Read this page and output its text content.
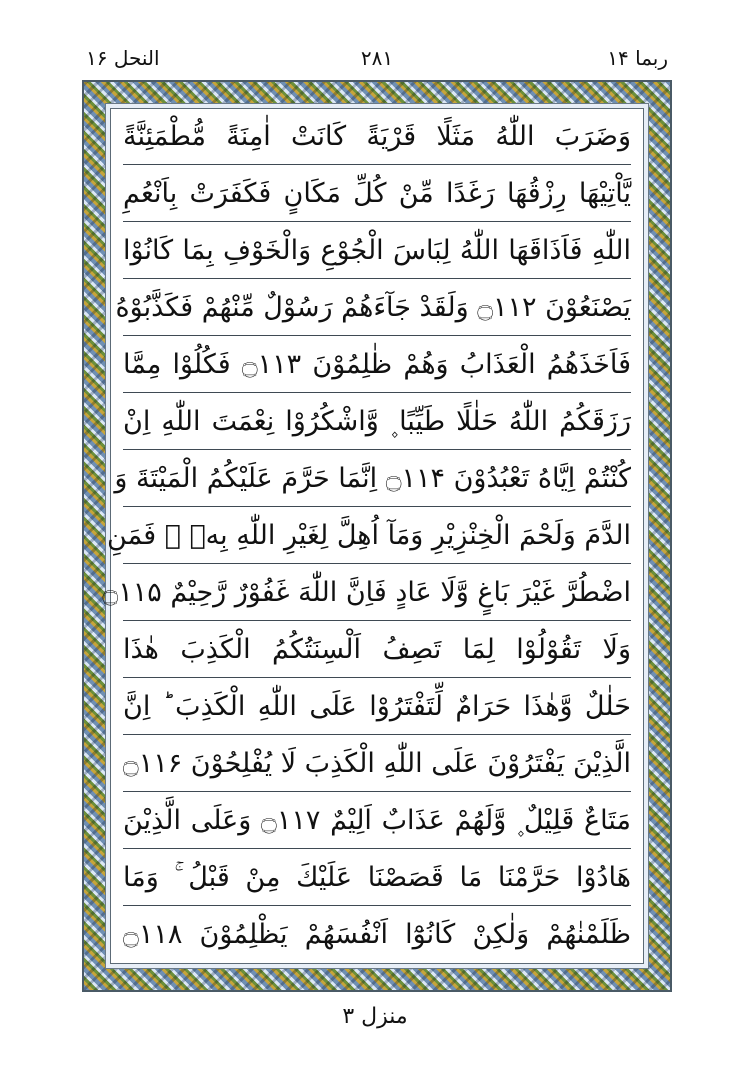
ربما ۱۴
۲۸۱
النحل ۱۶
وَضَرَبَ اللّٰهُ مَثَلًا قَرْيَةً كَانَتْ اٰمِنَةً مُّطْمَئِنَّةً
يَّاْتِيْهَا رِزْقُهَا رَغَدًا مِّنْ كُلِّ مَكَانٍ فَكَفَرَتْ بِاَنْعُمِ
اللّٰهِ فَاَذَاقَهَا اللّٰهُ لِبَاسَ الْجُوْعِ وَالْخَوْفِ بِمَا كَانُوْا
يَصْنَعُوْنَ ۝۱۱۲ وَلَقَدْ جَآءَهُمْ رَسُوْلٌ مِّنْهُمْ فَكَذَّبُوْهُ
فَاَخَذَهُمُ الْعَذَابُ وَهُمْ ظٰلِمُوْنَ ۝۱۱۳ فَكُلُوْا مِمَّا
رَزَقَكُمُ اللّٰهُ حَلٰلًا طَيِّبًا ۪ وَّاشْكُرُوْا نِعْمَتَ اللّٰهِ اِنْ
كُنْتُمْ اِيَّاهُ تَعْبُدُوْنَ ۝۱۱۴ اِنَّمَا حَرَّمَ عَلَيْكُمُ الْمَيْتَةَ وَ
الدَّمَ وَلَحْمَ الْخِنْزِيْرِ وَمَآ اُهِلَّ لِغَيْرِ اللّٰهِ بِهٖ ۚ فَمَنِ
اضْطُرَّ غَيْرَ بَاغٍ وَّلَا عَادٍ فَاِنَّ اللّٰهَ غَفُوْرٌ رَّحِيْمٌ ۝۱۱۵
وَلَا تَقُوْلُوْا لِمَا تَصِفُ اَلْسِنَتُكُمُ الْكَذِبَ هٰذَا
حَلٰلٌ وَّهٰذَا حَرَامٌ لِّتَفْتَرُوْا عَلَى اللّٰهِ الْكَذِبَ ؕ اِنَّ
الَّذِيْنَ يَفْتَرُوْنَ عَلَى اللّٰهِ الْكَذِبَ لَا يُفْلِحُوْنَ ۝۱۱۶
مَتَاعٌ قَلِيْلٌ ۪ وَّلَهُمْ عَذَابٌ اَلِيْمٌ ۝۱۱۷ وَعَلَى الَّذِيْنَ
هَادُوْا حَرَّمْنَا مَا قَصَصْنَا عَلَيْكَ مِنْ قَبْلُ ۚ وَمَا
ظَلَمْنٰهُمْ وَلٰكِنْ كَانُوْٓا اَنْفُسَهُمْ يَظْلِمُوْنَ ۝۱۱۸
منزل ۳
